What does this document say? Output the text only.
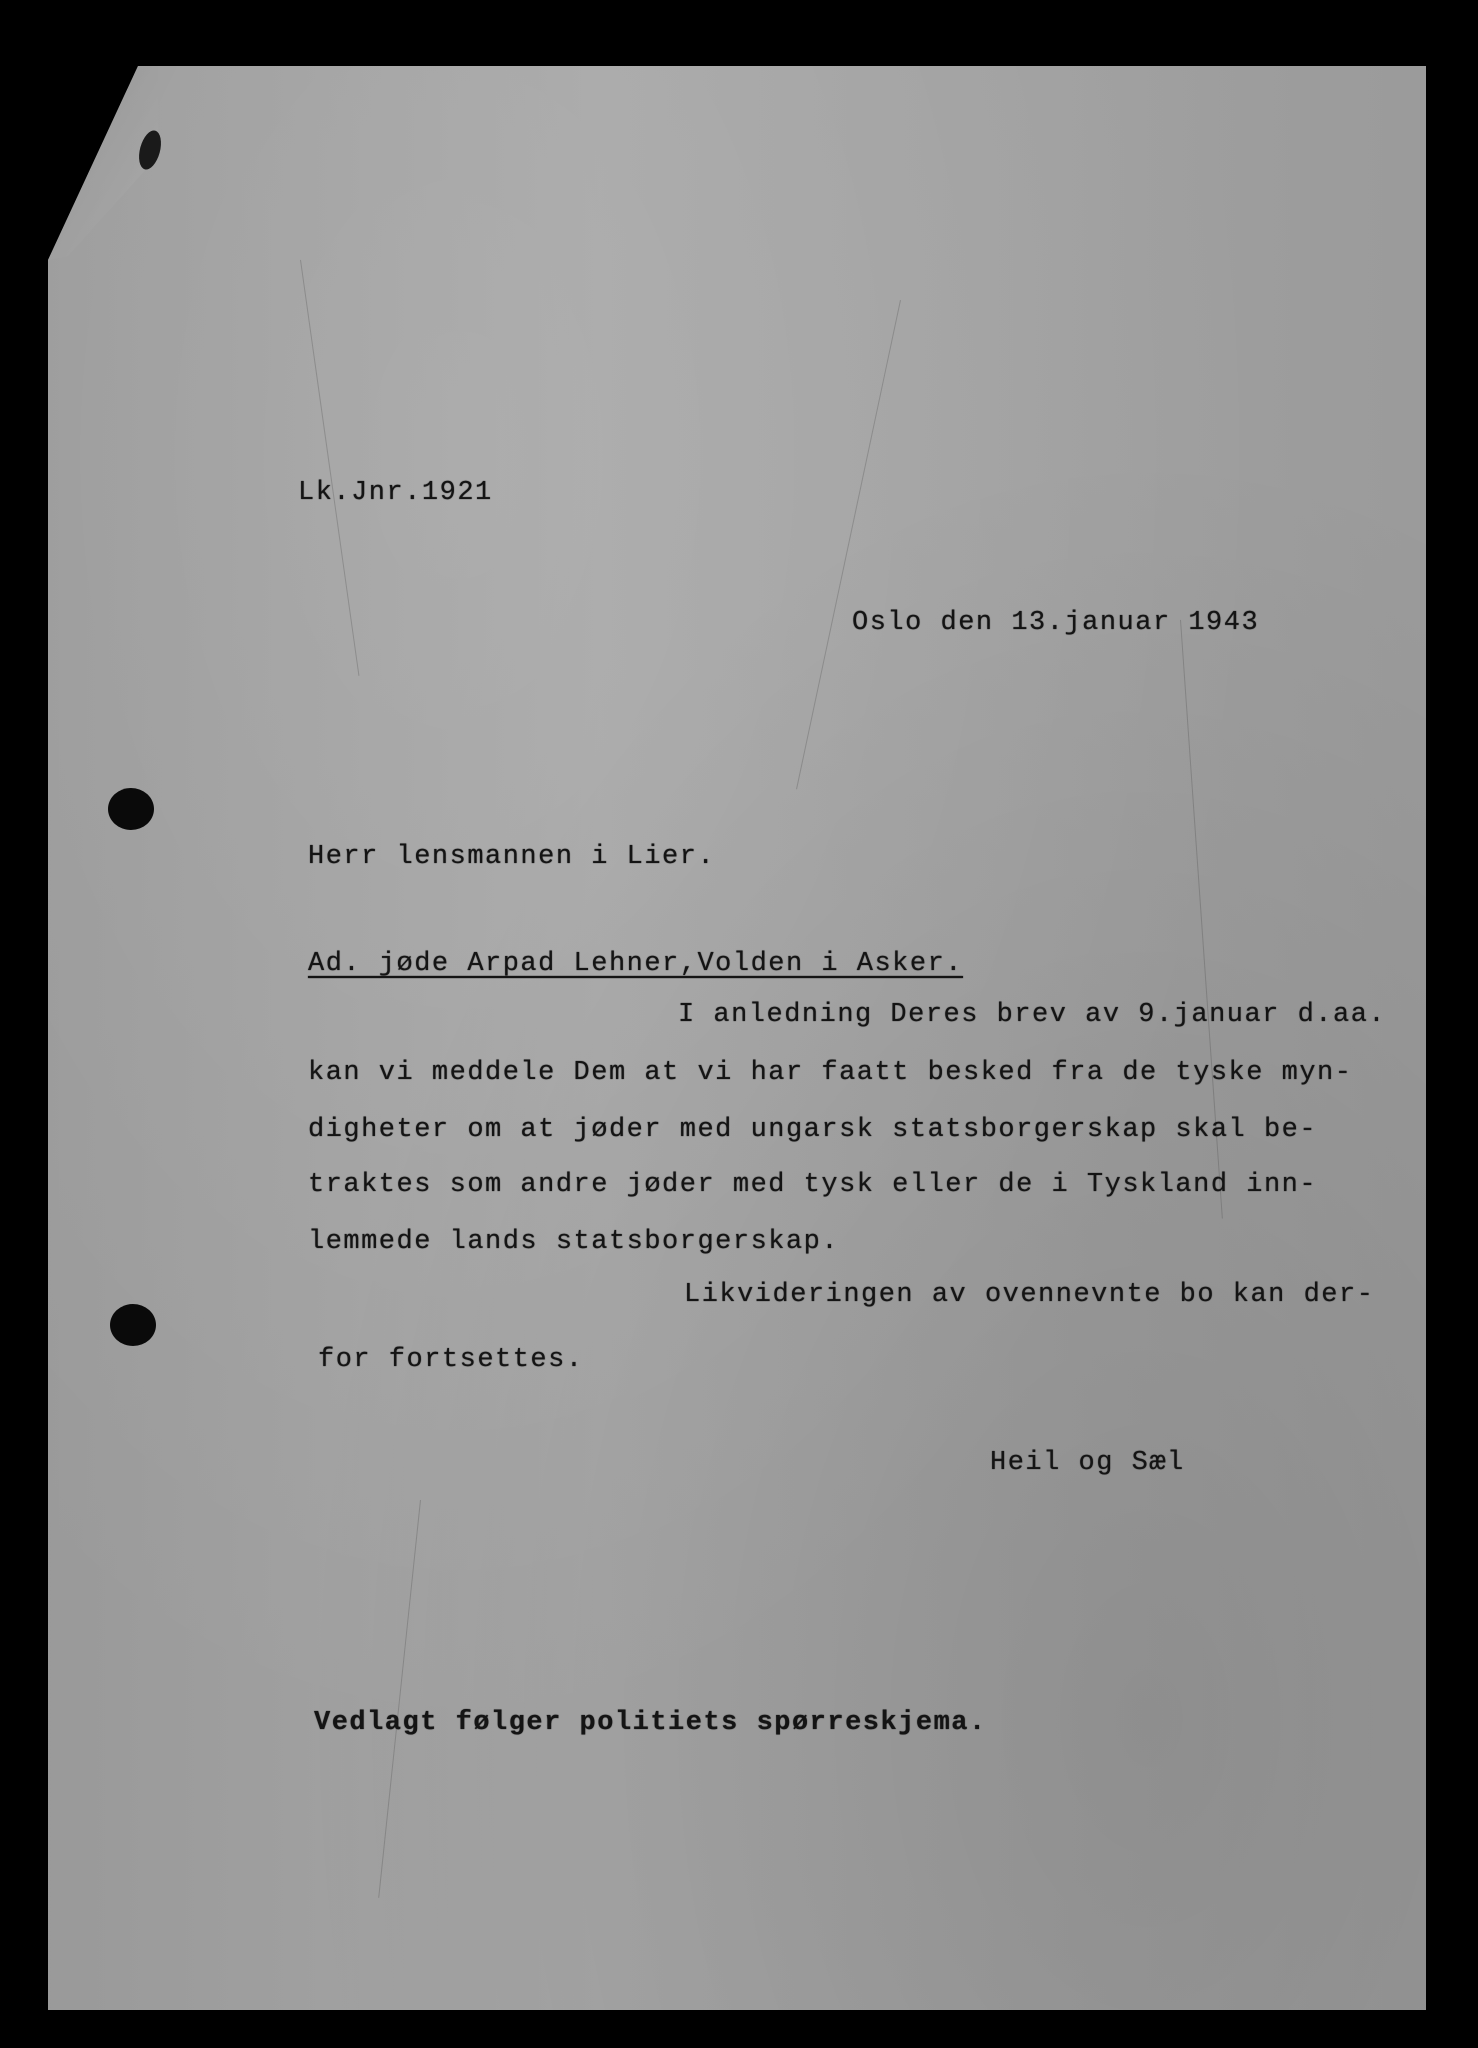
Lk.Jnr.1921
Oslo den 13.januar 1943
Herr lensmannen i Lier.
Ad. jøde Arpad Lehner,Volden i Asker.
I anledning Deres brev av 9.januar d.aa.
kan vi meddele Dem at vi har faatt besked fra de tyske myn-
digheter om at jøder med ungarsk statsborgerskap skal be-
traktes som andre jøder med tysk eller de i Tyskland inn-
lemmede lands statsborgerskap.
Likvideringen av ovennevnte bo kan der-
for fortsettes.
Heil og Sæl
Vedlagt følger politiets spørreskjema.
